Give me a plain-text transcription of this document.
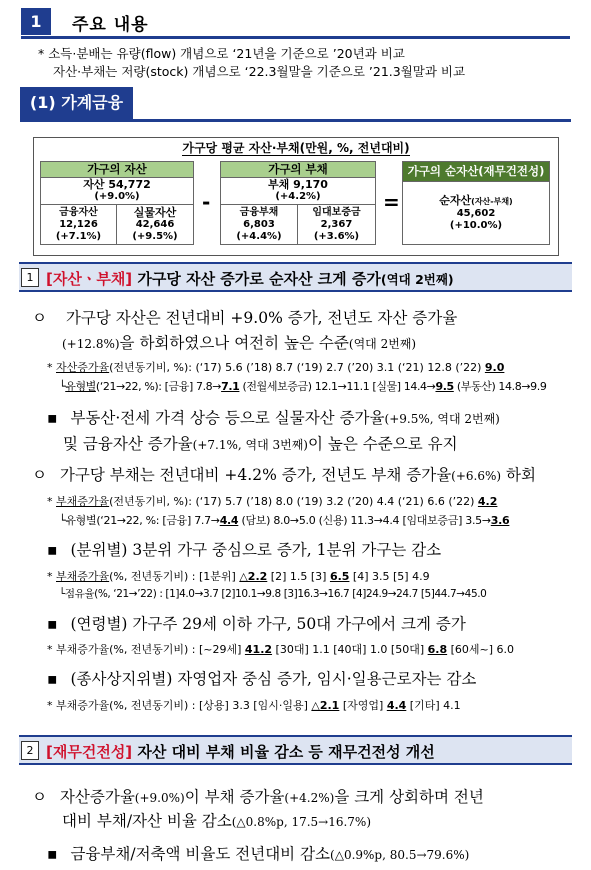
1	주요 내용
* 소득·분배는 유량(flow) 개념으로 ‘21년을 기준으로 ’20년과 비교
자산·부채는 저량(stock) 개념으로 ‘22.3월말을 기준으로 ’21.3월말과 비교
(1) 가계금융
가구당 평균 자산·부채(만원, %, 전년대비)
가구의 자산
자산 54,772
(+9.0%)
금융자산
12,126
(+7.1%)
실물자산
42,646
(+9.5%)
-
가구의 부채
부채 9,170
(+4.2%)
금융부채
6,803
(+4.4%)
임대보증금
2,367
(+3.6%)
=
가구의 순자산(재무건전성)
순자산(자산-부채)
45,602
(+10.0%)
1 [자산ㆍ부채] 가구당 자산 증가로 순자산 크게 증가(역대 2번째)
ㅇ 가구당 자산은 전년대비 +9.0% 증가, 전년도 자산 증가율
(+12.8%)을 하회하였으나 여전히 높은 수준(역대 2번째)
* 자산증가율(전년동기비, %): (‘17) 5.6 (’18) 8.7 (‘19) 2.7 (’20) 3.1 (‘21) 12.8 (’22) 9.0
└유형별(‘21→22, %): [금융] 7.8→7.1 (전월세보증금) 12.1→11.1 [실물] 14.4→9.5 (부동산) 14.8→9.9
▪ 부동산·전세 가격 상승 등으로 실물자산 증가율(+9.5%, 역대 2번째)
및 금융자산 증가율(+7.1%, 역대 3번째)이 높은 수준으로 유지
ㅇ 가구당 부채는 전년대비 +4.2% 증가, 전년도 부채 증가율(+6.6%) 하회
* 부채증가율(전년동기비, %): (‘17) 5.7 (’18) 8.0 (‘19) 3.2 (’20) 4.4 (‘21) 6.6 (’22) 4.2
└유형별(‘21→22, %: [금융] 7.7→4.4 (담보) 8.0→5.0 (신용) 11.3→4.4 [임대보증금] 3.5→3.6
▪ (분위별) 3분위 가구 중심으로 증가, 1분위 가구는 감소
* 부채증가율(%, 전년동기비) : [1분위] △2.2 [2] 1.5 [3] 6.5 [4] 3.5 [5] 4.9
└점유율(%, ‘21→’22) : [1]4.0→3.7 [2]10.1→9.8 [3]16.3→16.7 [4]24.9→24.7 [5]44.7→45.0
▪ (연령별) 가구주 29세 이하 가구, 50대 가구에서 크게 증가
* 부채증가율(%, 전년동기비) : [~29세] 41.2 [30대] 1.1 [40대] 1.0 [50대] 6.8 [60세~] 6.0
▪ (종사상지위별) 자영업자 중심 증가, 임시·일용근로자는 감소
* 부채증가율(%, 전년동기비) : [상용] 3.3 [임시·일용] △2.1 [자영업] 4.4 [기타] 4.1
2 [재무건전성] 자산 대비 부채 비율 감소 등 재무건전성 개선
ㅇ 자산증가율(+9.0%)이 부채 증가율(+4.2%)을 크게 상회하며 전년
대비 부채/자산 비율 감소(△0.8%p, 17.5→16.7%)
▪ 금융부채/저축액 비율도 전년대비 감소(△0.9%p, 80.5→79.6%)
